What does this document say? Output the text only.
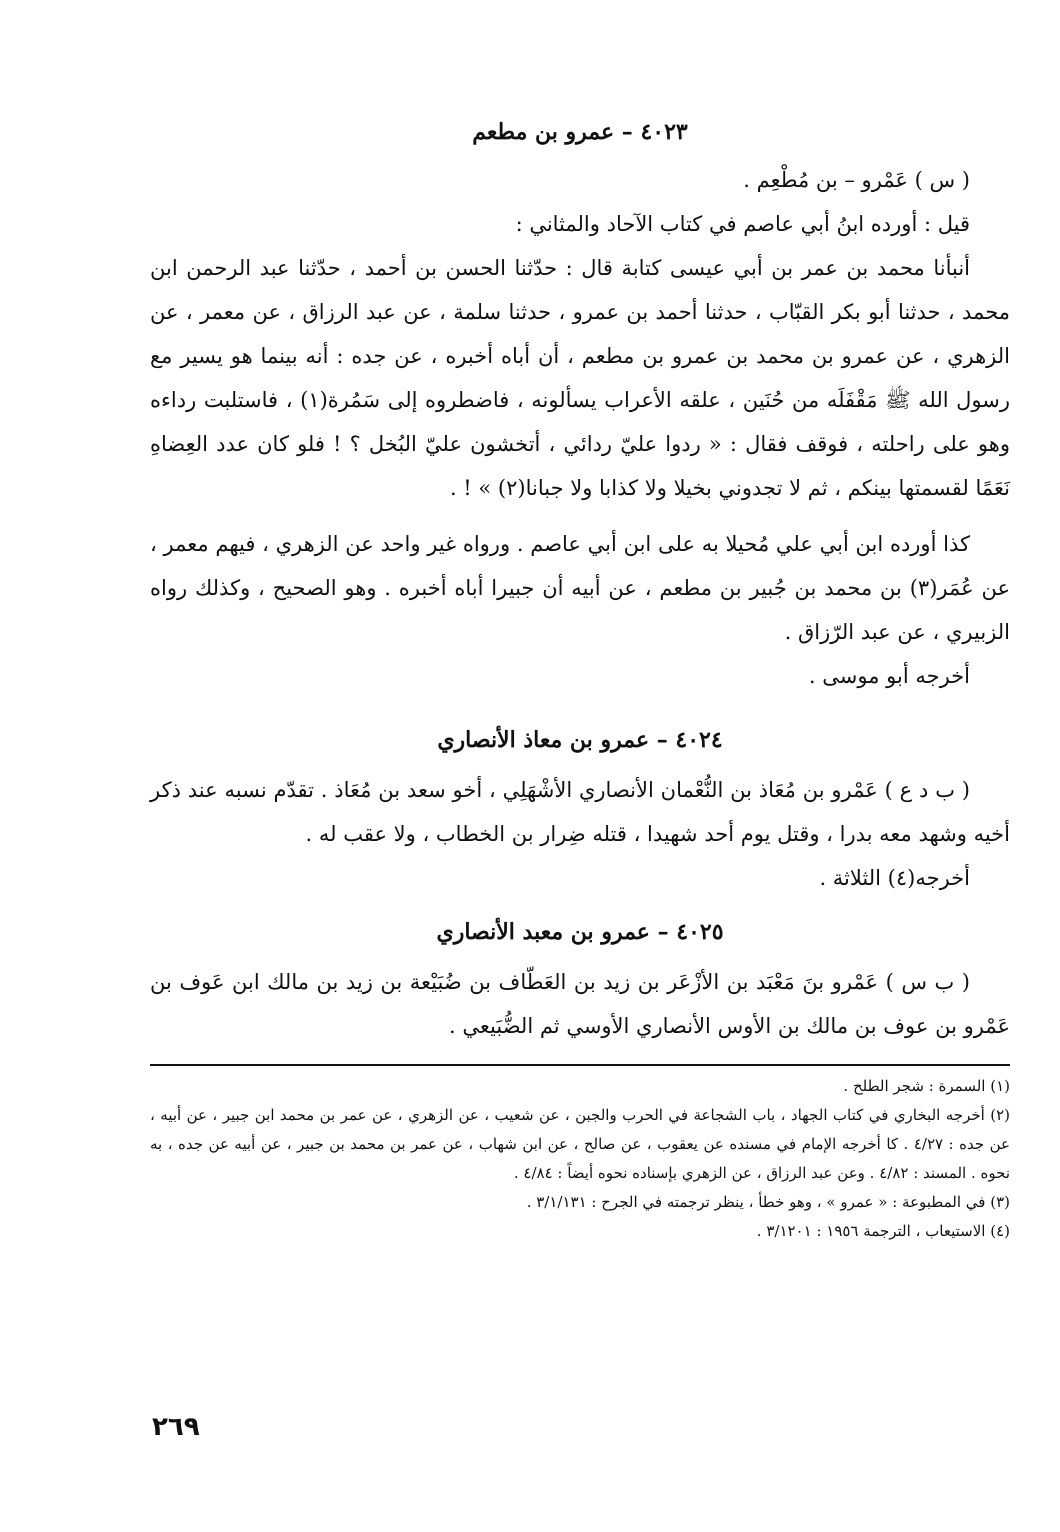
٤٠٢٣ – عمرو بن مطعم

( س ) عَمْرو – بن مُطْعِم .

قيل : أورده ابنُ أبي عاصم في كتاب الآحاد والمثاني :

أنبأنا محمد بن عمر بن أبي عيسى كتابة قال : حدّثنا الحسن بن أحمد ، حدّثنا عبد الرحمن ابن محمد ، حدثنا أبو بكر القبّاب ، حدثنا أحمد بن عمرو ، حدثنا سلمة ، عن عبد الرزاق ، عن معمر ، عن الزهري ، عن عمرو بن محمد بن عمرو بن مطعم ، أن أباه أخبره ، عن جده : أنه بينما هو يسير مع رسول الله ﷺ مَقْفَلَه من حُنَين ، علقه الأعراب يسألونه ، فاضطروه إلى سَمُرة(١) ، فاستلبت رداءه وهو على راحلته ، فوقف فقال : « ردوا عليّ ردائي ، أتخشون عليّ البُخل ؟ ! فلو كان عدد العِضاهِ نَعَمًا لقسمتها بينكم ، ثم لا تجدوني بخيلا ولا كذابا ولا جبانا(٢) » ! .

كذا أورده ابن أبي علي مُحيلا به على ابن أبي عاصم . ورواه غير واحد عن الزهري ، فيهم معمر ، عن عُمَر(٣) بن محمد بن جُبير بن مطعم ، عن أبيه أن جبيرا أباه أخبره . وهو الصحيح ، وكذلك رواه الزبيري ، عن عبد الرّزاق .

أخرجه أبو موسى .

٤٠٢٤ – عمرو بن معاذ الأنصاري

( ب د ع ) عَمْرو بن مُعَاذ بن النُّعْمان الأنصاري الأشْهَلِي ، أخو سعد بن مُعَاذ . تقدّم نسبه عند ذكر أخيه وشهد معه بدرا ، وقتل يوم أحد شهيدا ، قتله ضِرار بن الخطاب ، ولا عقب له .

أخرجه(٤) الثلاثة .

٤٠٢٥ – عمرو بن معبد الأنصاري

( ب س ) عَمْرو بنَ مَعْبَد بن الأزْعَر بن زيد بن العَطّاف بن ضُبَيْعة بن زيد بن مالك ابن عَوف بن عَمْرو بن عوف بن مالك بن الأوس الأنصاري الأوسي ثم الضُّبَيعي .

(١) السمرة : شجر الطلح .

(٢) أخرجه البخاري في كتاب الجهاد ، باب الشجاعة في الحرب والجبن ، عن شعيب ، عن الزهري ، عن عمر بن محمد ابن جبير ، عن أبيه ، عن جده : ٤/٢٧ . كا أخرجه الإمام في مسنده عن يعقوب ، عن صالح ، عن ابن شهاب ، عن عمر بن محمد بن جبير ، عن أبيه عن جده ، به نحوه . المسند : ٤/٨٢ . وعن عبد الرزاق ، عن الزهري بإسناده نحوه أيضاً : ٤/٨٤ .

(٣) في المطبوعة : « عمرو » ، وهو خطأ ، ينظر ترجمته في الجرح : ٣/١/١٣١ .

(٤) الاستيعاب ، الترجمة ١٩٥٦ : ٣/١٢٠١ .

٢٦٩
